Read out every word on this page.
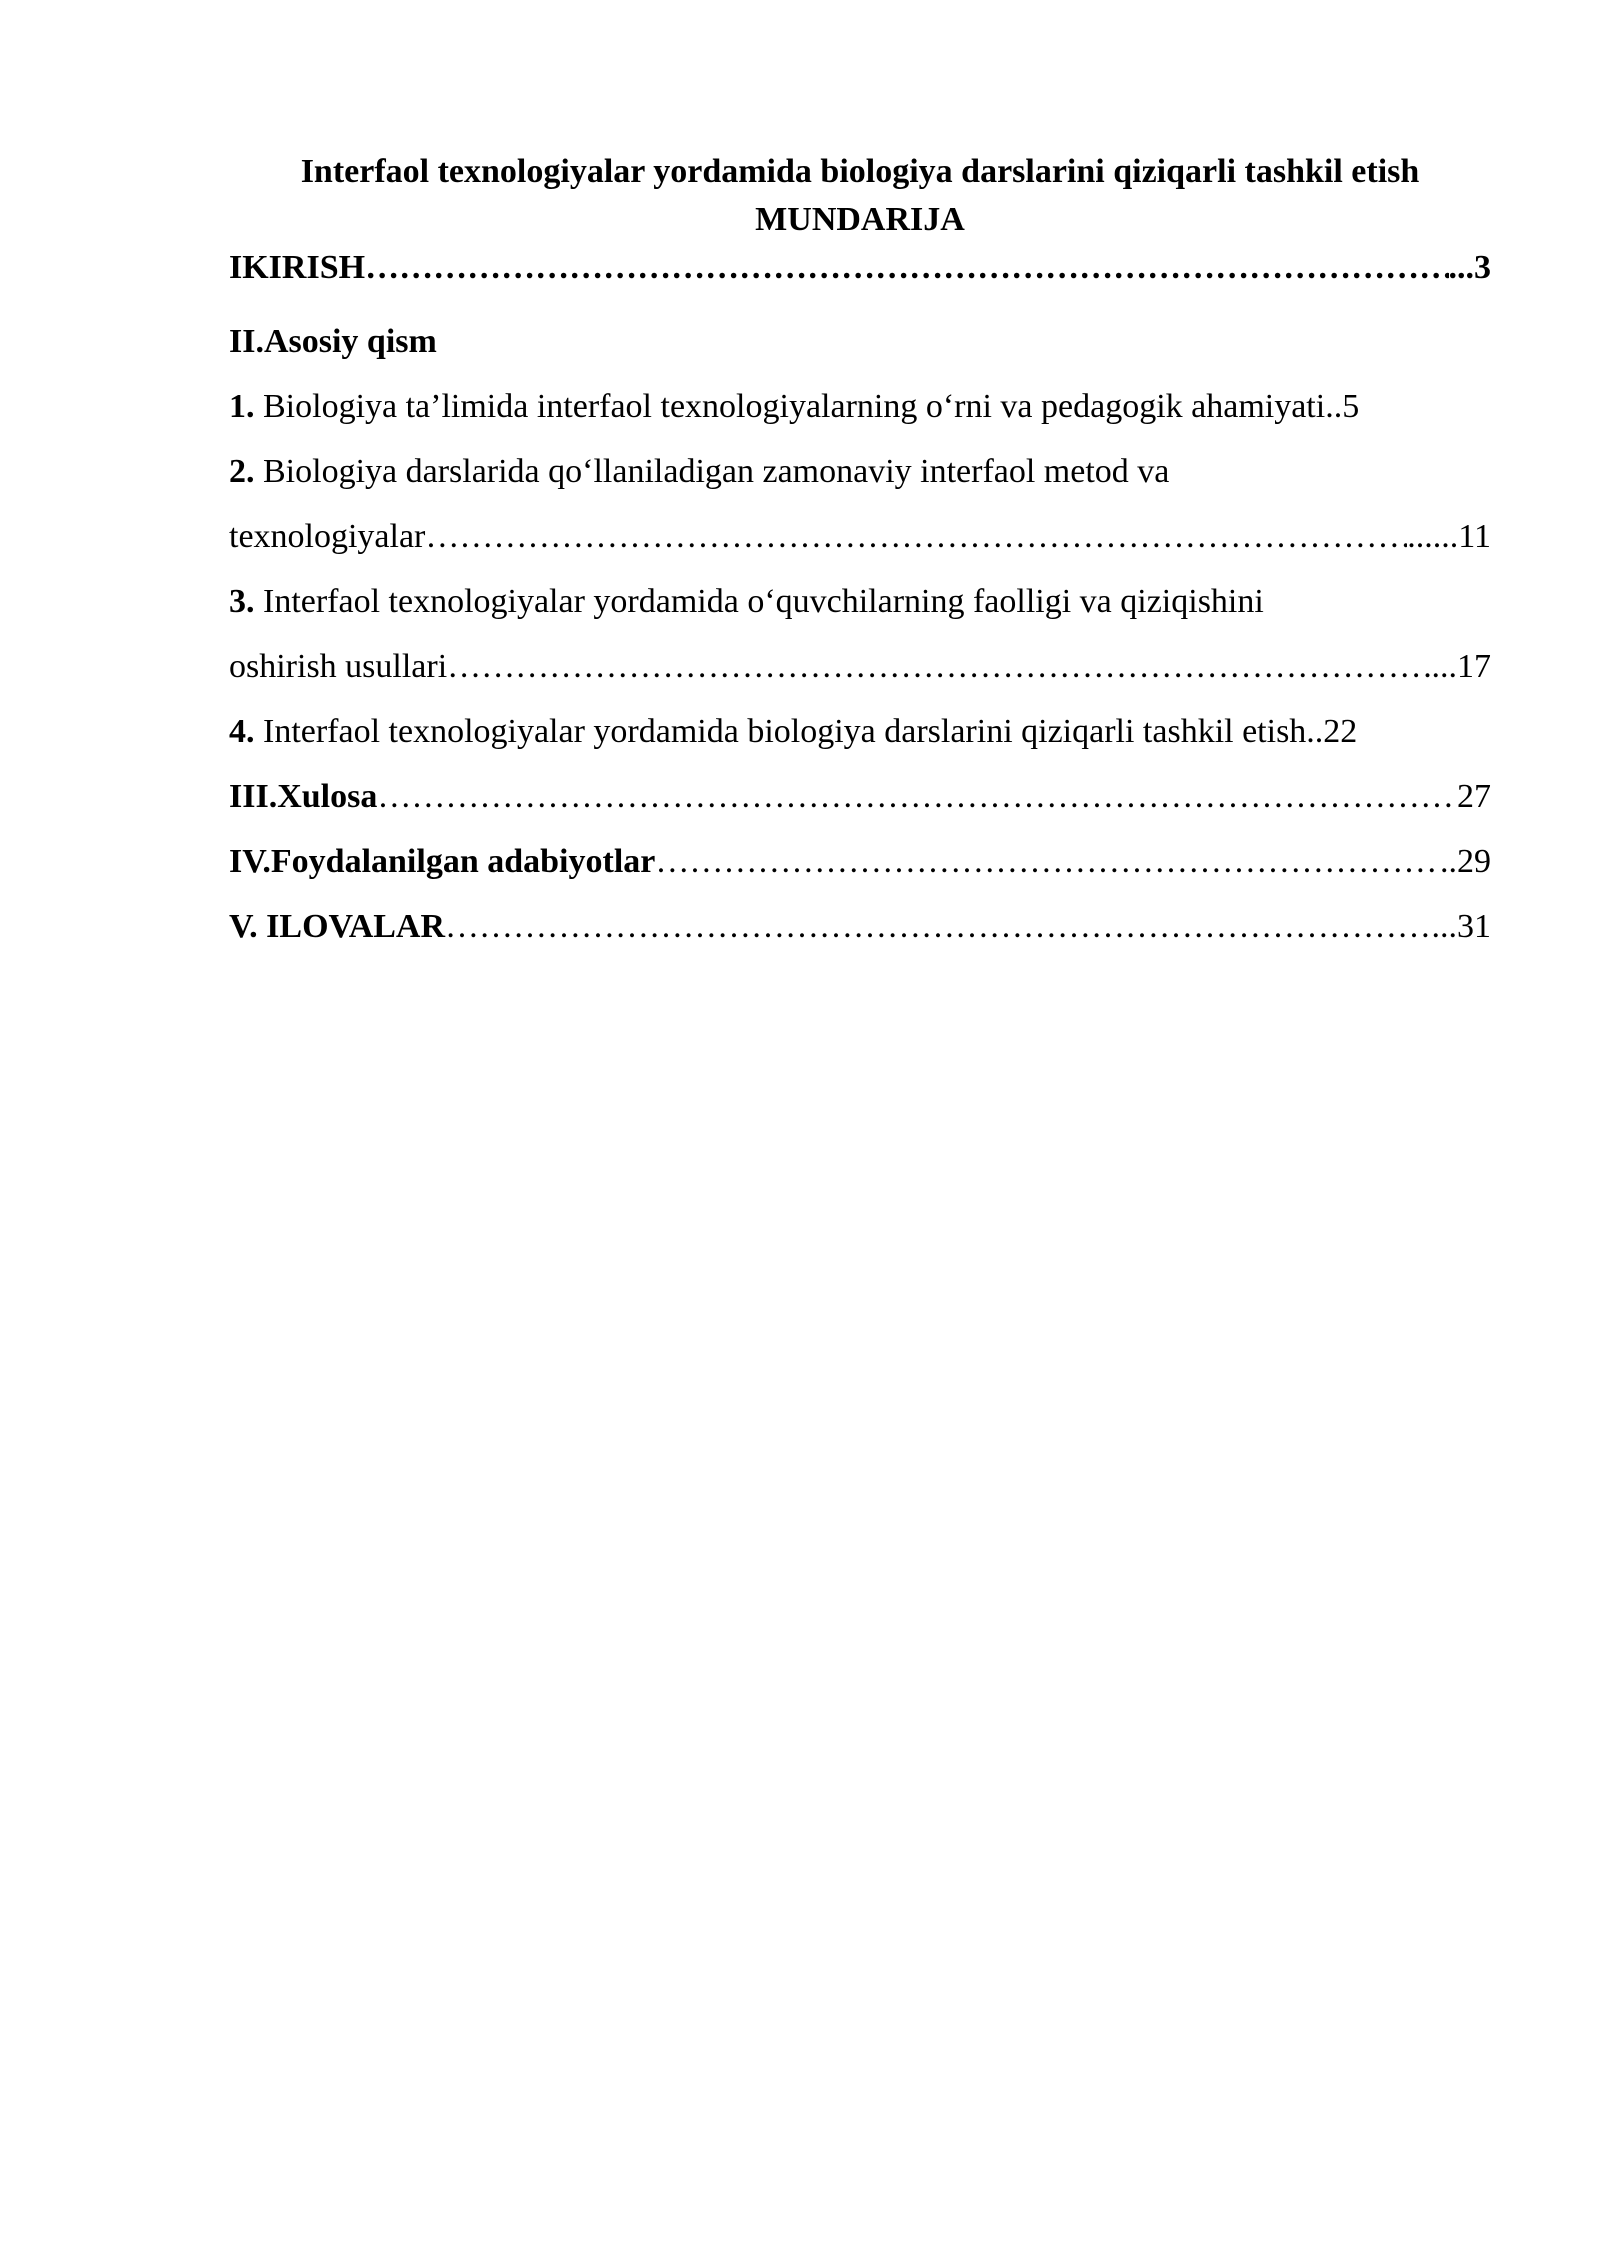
Interfaol texnologiyalar yordamida biologiya darslarini qiziqarli tashkil etish

MUNDARIJA

IKIRISH ……………………………………………………………………………………………………………………………………………………………………	...3
II.Asosiy qism
1. Biologiya ta’limida interfaol texnologiyalarning o‘rni va pedagogik ahamiyati..5
2. Biologiya darslarida qo‘llaniladigan zamonaviy interfaol metod va
texnologiyalar ……………………………………………………………………………………………………………………………………………………………………	......11
3. Interfaol texnologiyalar yordamida o‘quvchilarning faolligi va qiziqishini
oshirish usullari ……………………………………………………………………………………………………………………………………………………………………	...17
4. Interfaol texnologiyalar yordamida biologiya darslarini qiziqarli tashkil etish..22
III.Xulosa ……………………………………………………………………………………………………………………………………………………………………	27
IV.Foydalanilgan adabiyotlar ……………………………………………………………………………………………………………………………………………………………………	..29
V. ILOVALAR ……………………………………………………………………………………………………………………………………………………………………	...31
